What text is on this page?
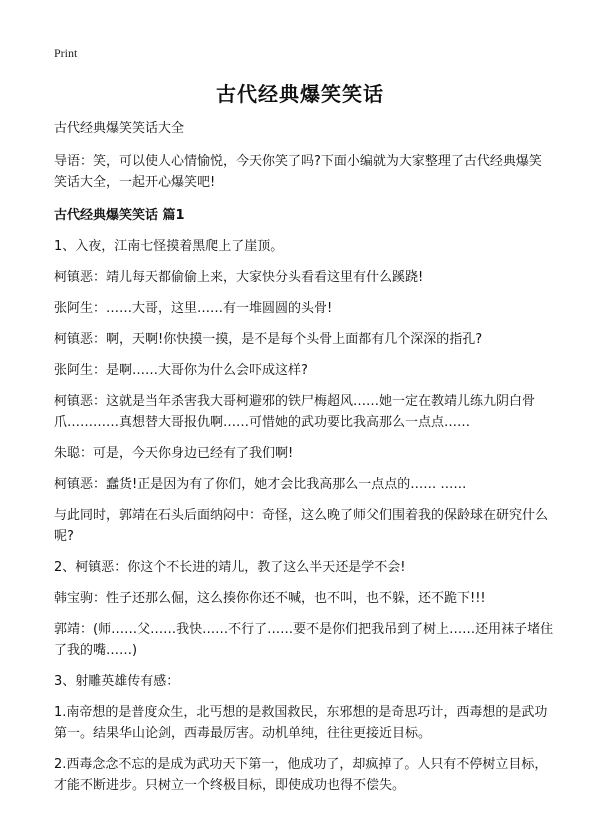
Print
古代经典爆笑笑话

古代经典爆笑笑话大全

导语：笑，可以使人心情愉悦，今天你笑了吗?下面小编就为大家整理了古代经典爆笑笑话大全，一起开心爆笑吧!

古代经典爆笑笑话 篇1

1、入夜，江南七怪摸着黑爬上了崖顶。

柯镇恶：靖儿每天都偷偷上来，大家快分头看看这里有什么蹊跷!

张阿生：……大哥，这里……有一堆圆圆的头骨!

柯镇恶：啊，天啊!你快摸一摸，是不是每个头骨上面都有几个深深的指孔?

张阿生：是啊……大哥你为什么会吓成这样?

柯镇恶：这就是当年杀害我大哥柯避邪的铁尸梅超风……她一定在教靖儿练九阴白骨爪…………真想替大哥报仇啊……可惜她的武功要比我高那么一点点……

朱聪：可是，今天你身边已经有了我们啊!

柯镇恶：蠢货!正是因为有了你们，她才会比我高那么一点点的…… ……

与此同时，郭靖在石头后面纳闷中：奇怪，这么晚了师父们围着我的保龄球在研究什么呢?

2、柯镇恶：你这个不长进的靖儿，教了这么半天还是学不会!

韩宝驹：性子还那么倔，这么揍你你还不喊，也不叫，也不躲，还不跪下!!!

郭靖：(师……父……我快……不行了……要不是你们把我吊到了树上……还用袜子堵住了我的嘴……)

3、射雕英雄传有感：

1.南帝想的是普度众生，北丐想的是救国救民，东邪想的是奇思巧计，西毒想的是武功第一。结果华山论剑，西毒最厉害。动机单纯，往往更接近目标。

2.西毒念念不忘的是成为武功天下第一，他成功了，却疯掉了。人只有不停树立目标，才能不断进步。只树立一个终极目标，即使成功也得不偿失。
